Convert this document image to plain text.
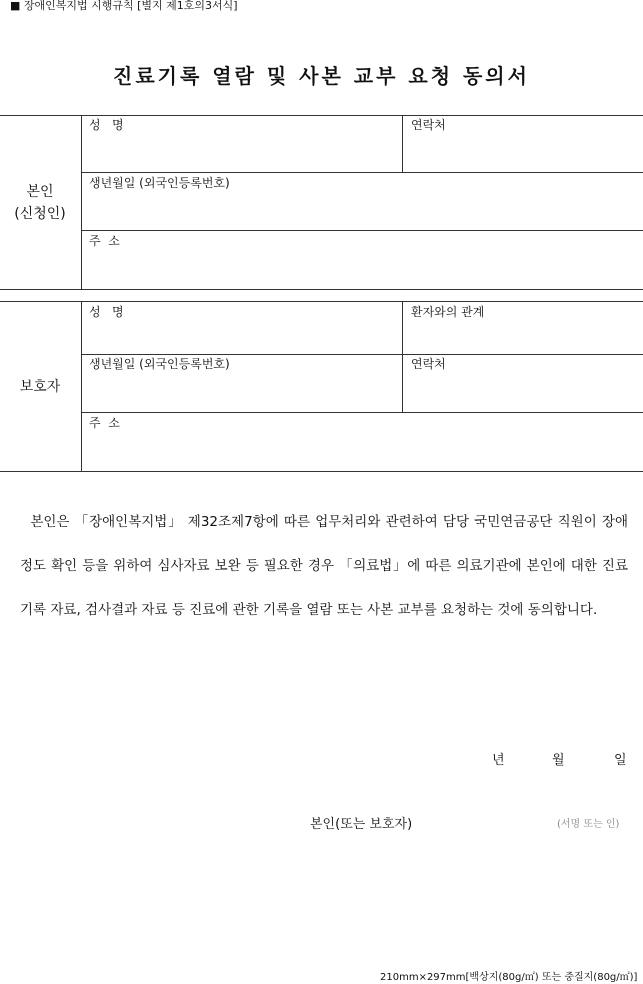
■ 장애인복지법 시행규칙 [별지 제1호의3서식]
진료기록 열람 및 사본 교부 요청 동의서
본인
(신청인)
성   명	연락처
생년월일 (외국인등록번호)
주  소
보호자
성   명	환자와의 관계
생년월일 (외국인등록번호)	연락처
주  소
본인은 「장애인복지법」 제32조제7항에 따른 업무처리와 관련하여 담당 국민연금공단 직원이 장애정도 확인 등을 위하여 심사자료 보완 등 필요한 경우 「의료법」에 따른 의료기관에 본인에 대한 진료기록 자료, 검사결과 자료 등 진료에 관한 기록을 열람 또는 사본 교부를 요청하는 것에 동의합니다.
년	월	일
본인(또는 보호자)	(서명 또는 인)
210mm×297mm[백상지(80g/㎡) 또는 중질지(80g/㎡)]
